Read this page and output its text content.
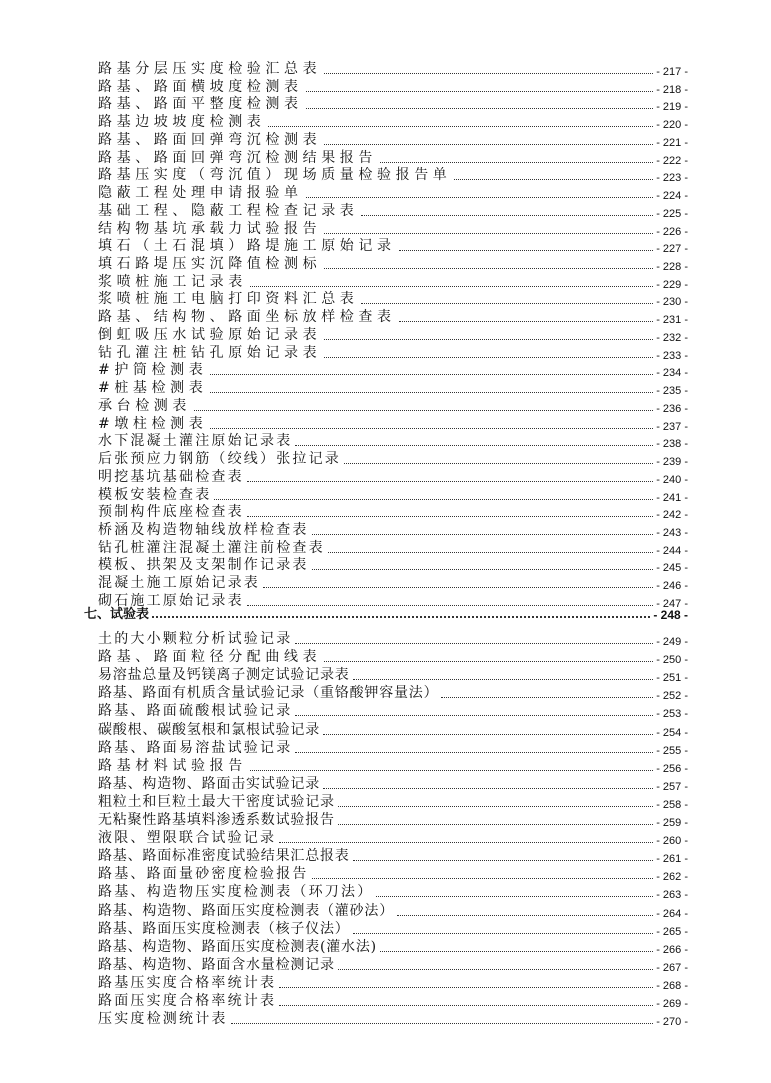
路基分层压实度检验汇总表	- 217 -
路基、路面横坡度检测表	- 218 -
路基、路面平整度检测表	- 219 -
路基边坡坡度检测表	- 220 -
路基、路面回弹弯沉检测表	- 221 -
路基、路面回弹弯沉检测结果报告	- 222 -
路基压实度（弯沉值）现场质量检验报告单	- 223 -
隐蔽工程处理申请报验单	- 224 -
基础工程、隐蔽工程检查记录表	- 225 -
结构物基坑承载力试验报告	- 226 -
填石（土石混填）路堤施工原始记录	- 227 -
填石路堤压实沉降值检测标	- 228 -
浆喷桩施工记录表	- 229 -
浆喷桩施工电脑打印资料汇总表	- 230 -
路基、结构物、路面坐标放样检查表	- 231 -
倒虹吸压水试验原始记录表	- 232 -
钻孔灌注桩钻孔原始记录表	- 233 -
#护筒检测表	- 234 -
#桩基检测表	- 235 -
承台检测表	- 236 -
#墩柱检测表	- 237 -
水下混凝土灌注原始记录表	- 238 -
后张预应力钢筋（绞线）张拉记录	- 239 -
明挖基坑基础检查表	- 240 -
模板安装检查表	- 241 -
预制构件底座检查表	- 242 -
桥涵及构造物轴线放样检查表	- 243 -
钻孔桩灌注混凝土灌注前检查表	- 244 -
模板、拱架及支架制作记录表	- 245 -
混凝土施工原始记录表	- 246 -
砌石施工原始记录表	- 247 -
七、试验表	- 248 -
土的大小颗粒分析试验记录	- 249 -
路基、路面粒径分配曲线表	- 250 -
易溶盐总量及钙镁离子测定试验记录表	- 251 -
路基、路面有机质含量试验记录（重铬酸钾容量法）	- 252 -
路基、路面硫酸根试验记录	- 253 -
碳酸根、碳酸氢根和氯根试验记录	- 254 -
路基、路面易溶盐试验记录	- 255 -
路基材料试验报告	- 256 -
路基、构造物、路面击实试验记录	- 257 -
粗粒土和巨粒土最大干密度试验记录	- 258 -
无粘聚性路基填料渗透系数试验报告	- 259 -
液限、塑限联合试验记录	- 260 -
路基、路面标准密度试验结果汇总报表	- 261 -
路基、路面量砂密度检验报告	- 262 -
路基、构造物压实度检测表（环刀法）	- 263 -
路基、构造物、路面压实度检测表（灌砂法）	- 264 -
路基、路面压实度检测表（核子仪法）	- 265 -
路基、构造物、路面压实度检测表(灌水法)	- 266 -
路基、构造物、路面含水量检测记录	- 267 -
路基压实度合格率统计表	- 268 -
路面压实度合格率统计表	- 269 -
压实度检测统计表	- 270 -
